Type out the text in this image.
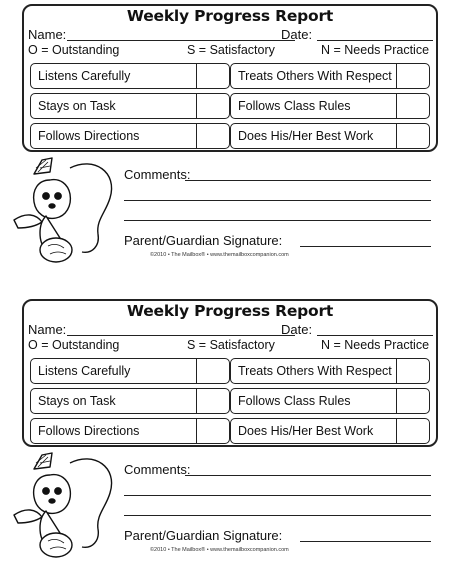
Weekly Progress Report
Name:	Date:
O = Outstanding	S = Satisfactory	N = Needs Practice
Listens Carefully	Treats Others With Respect
Stays on Task	Follows Class Rules
Follows Directions	Does His/Her Best Work
Comments:
Parent/Guardian Signature:
©2010 • The Mailbox® • www.themailboxcompanion.com
Weekly Progress Report
Name:	Date:
O = Outstanding	S = Satisfactory	N = Needs Practice
Listens Carefully	Treats Others With Respect
Stays on Task	Follows Class Rules
Follows Directions	Does His/Her Best Work
Comments:
Parent/Guardian Signature:
©2010 • The Mailbox® • www.themailboxcompanion.com
